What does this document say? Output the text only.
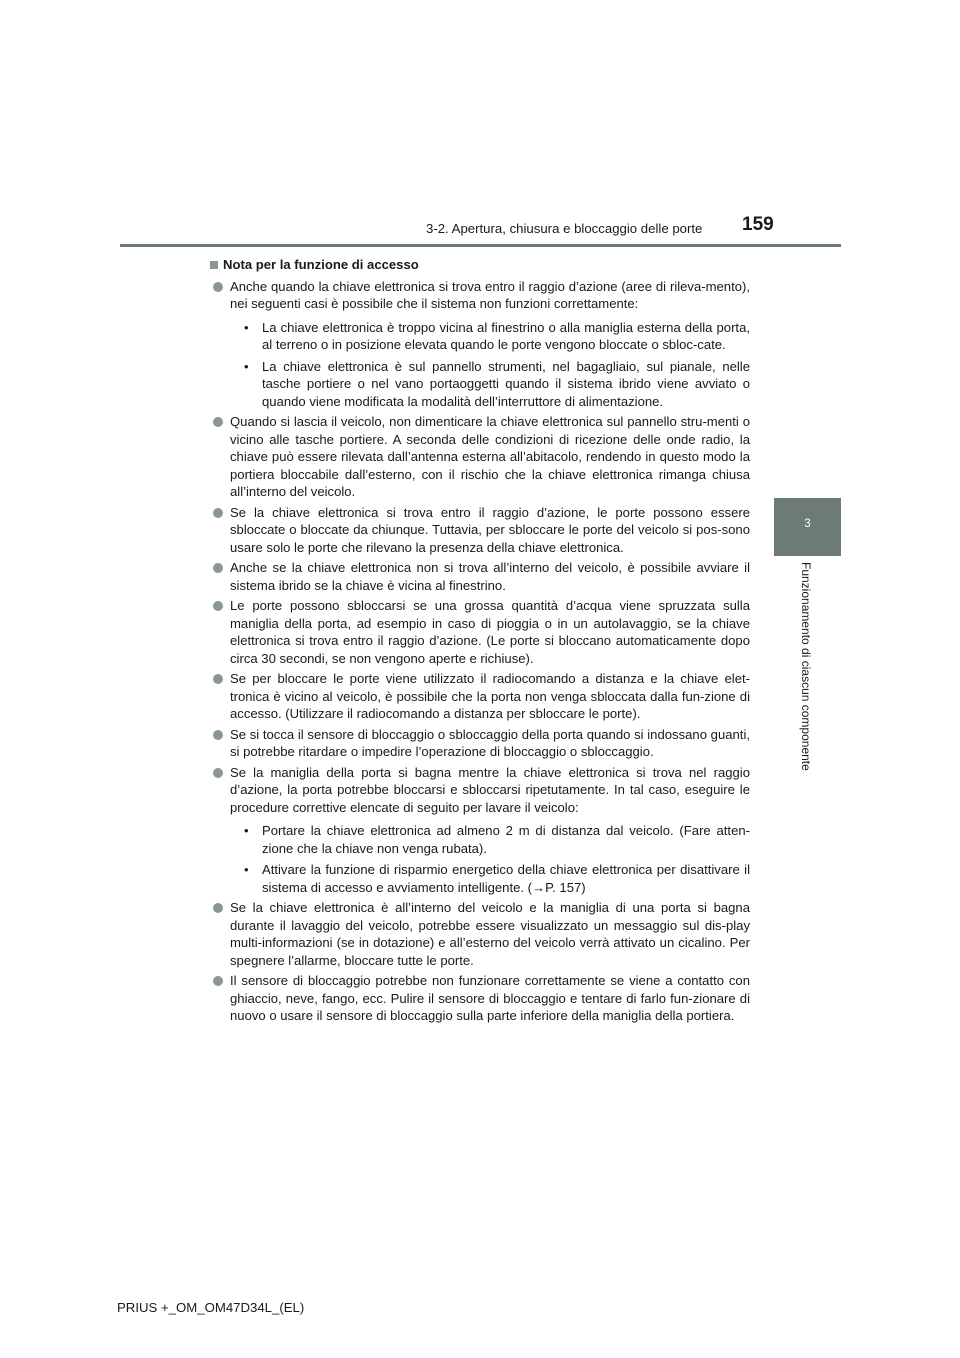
3-2. Apertura, chiusura e bloccaggio delle porte 159
3
Funzionamento di ciascun componente
Nota per la funzione di accesso
Anche quando la chiave elettronica si trova entro il raggio d’azione (aree di rileva-mento), nei seguenti casi è possibile che il sistema non funzioni correttamente:
• La chiave elettronica è troppo vicina al finestrino o alla maniglia esterna della porta, al terreno o in posizione elevata quando le porte vengono bloccate o sbloc-cate.
• La chiave elettronica è sul pannello strumenti, nel bagagliaio, sul pianale, nelle tasche portiere o nel vano portaoggetti quando il sistema ibrido viene avviato o quando viene modificata la modalità dell’interruttore di alimentazione.
Quando si lascia il veicolo, non dimenticare la chiave elettronica sul pannello stru-menti o vicino alle tasche portiere. A seconda delle condizioni di ricezione delle onde radio, la chiave può essere rilevata dall’antenna esterna all’abitacolo, rendendo in questo modo la portiera bloccabile dall’esterno, con il rischio che la chiave elettronica rimanga chiusa all’interno del veicolo.
Se la chiave elettronica si trova entro il raggio d’azione, le porte possono essere sbloccate o bloccate da chiunque. Tuttavia, per sbloccare le porte del veicolo si pos-sono usare solo le porte che rilevano la presenza della chiave elettronica.
Anche se la chiave elettronica non si trova all’interno del veicolo, è possibile avviare il sistema ibrido se la chiave è vicina al finestrino.
Le porte possono sbloccarsi se una grossa quantità d’acqua viene spruzzata sulla maniglia della porta, ad esempio in caso di pioggia o in un autolavaggio, se la chiave elettronica si trova entro il raggio d’azione. (Le porte si bloccano automaticamente dopo circa 30 secondi, se non vengono aperte e richiuse).
Se per bloccare le porte viene utilizzato il radiocomando a distanza e la chiave elet-tronica è vicino al veicolo, è possibile che la porta non venga sbloccata dalla fun-zione di accesso. (Utilizzare il radiocomando a distanza per sbloccare le porte).
Se si tocca il sensore di bloccaggio o sbloccaggio della porta quando si indossano guanti, si potrebbe ritardare o impedire l’operazione di bloccaggio o sbloccaggio.
Se la maniglia della porta si bagna mentre la chiave elettronica si trova nel raggio d’azione, la porta potrebbe bloccarsi e sbloccarsi ripetutamente. In tal caso, eseguire le procedure correttive elencate di seguito per lavare il veicolo:
• Portare la chiave elettronica ad almeno 2 m di distanza dal veicolo. (Fare atten-zione che la chiave non venga rubata).
• Attivare la funzione di risparmio energetico della chiave elettronica per disattivare il sistema di accesso e avviamento intelligente. (→P. 157)
Se la chiave elettronica è all’interno del veicolo e la maniglia di una porta si bagna durante il lavaggio del veicolo, potrebbe essere visualizzato un messaggio sul dis-play multi-informazioni (se in dotazione) e all’esterno del veicolo verrà attivato un cicalino. Per spegnere l’allarme, bloccare tutte le porte.
Il sensore di bloccaggio potrebbe non funzionare correttamente se viene a contatto con ghiaccio, neve, fango, ecc. Pulire il sensore di bloccaggio e tentare di farlo fun-zionare di nuovo o usare il sensore di bloccaggio sulla parte inferiore della maniglia della portiera.
PRIUS +_OM_OM47D34L_(EL)
